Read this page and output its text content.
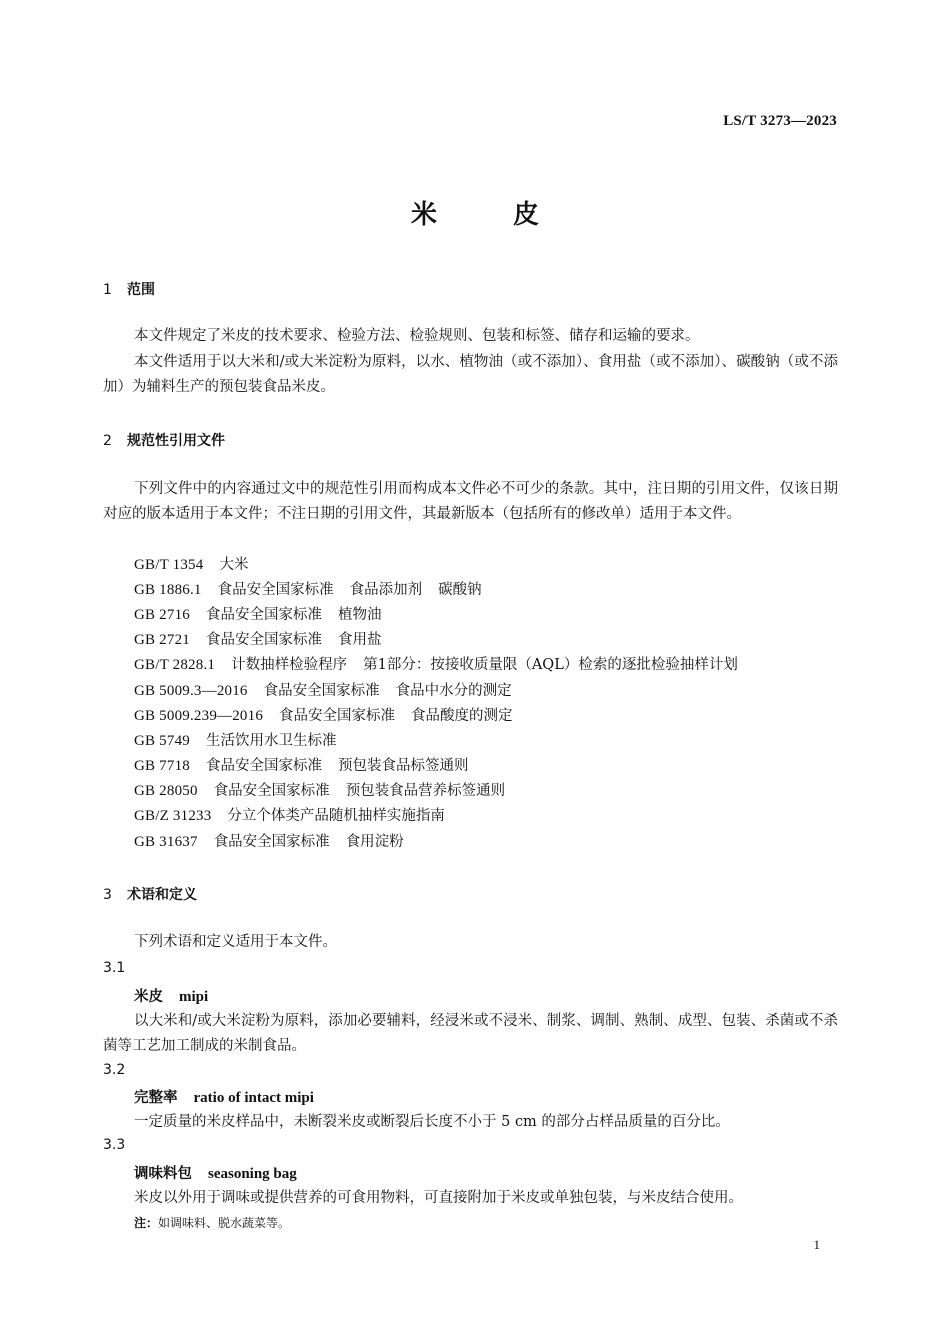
LS/T 3273—2023
米	皮
1 范围
本文件规定了米皮的技术要求、检验方法、检验规则、包装和标签、储存和运输的要求。
本文件适用于以大米和/或大米淀粉为原料，以水、植物油（或不添加）、食用盐（或不添加）、碳酸钠（或不添加）为辅料生产的预包装食品米皮。
2 规范性引用文件
下列文件中的内容通过文中的规范性引用而构成本文件必不可少的条款。其中，注日期的引用文件，仅该日期对应的版本适用于本文件；不注日期的引用文件，其最新版本（包括所有的修改单）适用于本文件。
GB/T 1354 大米
GB 1886.1 食品安全国家标准 食品添加剂 碳酸钠
GB 2716 食品安全国家标准 植物油
GB 2721 食品安全国家标准 食用盐
GB/T 2828.1 计数抽样检验程序 第1部分：按接收质量限（AQL）检索的逐批检验抽样计划
GB 5009.3—2016 食品安全国家标准 食品中水分的测定
GB 5009.239—2016 食品安全国家标准 食品酸度的测定
GB 5749 生活饮用水卫生标准
GB 7718 食品安全国家标准 预包装食品标签通则
GB 28050 食品安全国家标准 预包装食品营养标签通则
GB/Z 31233 分立个体类产品随机抽样实施指南
GB 31637 食品安全国家标准 食用淀粉
3 术语和定义
下列术语和定义适用于本文件。
3.1
米皮 mipi
以大米和/或大米淀粉为原料，添加必要辅料，经浸米或不浸米、制浆、调制、熟制、成型、包装、杀菌或不杀菌等工艺加工制成的米制食品。
3.2
完整率 ratio of intact mipi
一定质量的米皮样品中，未断裂米皮或断裂后长度不小于 5 cm 的部分占样品质量的百分比。
3.3
调味料包 seasoning bag
米皮以外用于调味或提供营养的可食用物料，可直接附加于米皮或单独包装，与米皮结合使用。
注：如调味料、脱水蔬菜等。
1
